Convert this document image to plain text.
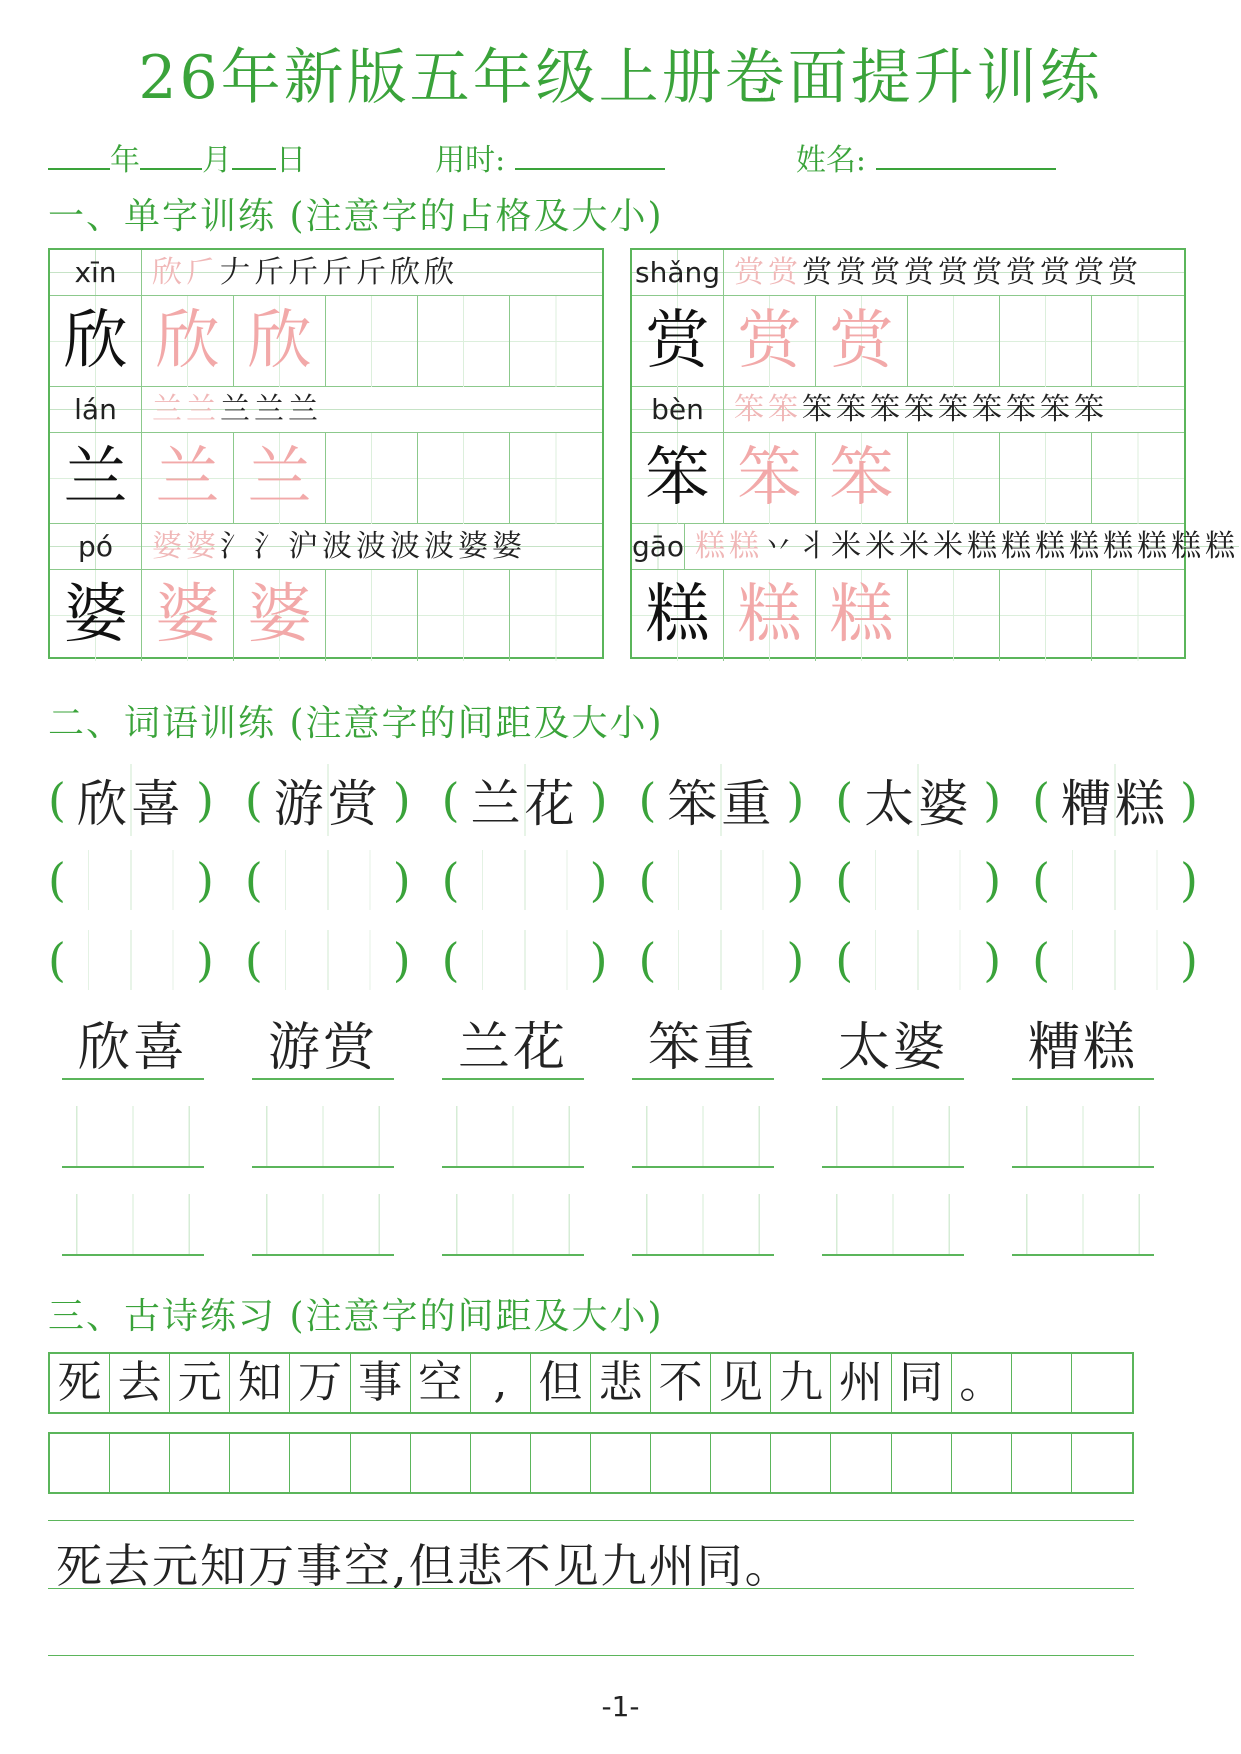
26年新版五年级上册卷面提升训练
年 月 日	用时:	姓名:
一、单字训练 (注意字的占格及大小)
xīn	欣𠂆𠂇斤斤斤斤欣欣
欣 欣 欣
lán	兰兰兰兰兰
兰 兰 兰
pó	婆婆氵氵沪波波波波婆婆
婆 婆 婆
shǎng 赏赏赏赏赏赏赏赏赏赏赏赏
赏 赏 赏
bèn	笨笨笨笨笨笨笨笨笨笨笨
笨 笨 笨
gāo 糕糕丷丬米米米米糕糕糕糕糕糕糕糕
糕 糕 糕
二、词语训练 (注意字的间距及大小)
( 欣喜 ) ( 游赏 ) ( 兰花 ) ( 笨重 ) ( 太婆 ) ( 糟糕 )
(	) (	) (	) (	) (	) (	)
(	) (	) (	) (	) (	) (	)
欣喜	游赏	兰花	笨重	太婆	糟糕
三、古诗练习 (注意字的间距及大小)
死 去 元 知 万 事 空 , 但 悲 不 见 九 州 同 。
死去元知万事空,但悲不见九州同。
-1-
